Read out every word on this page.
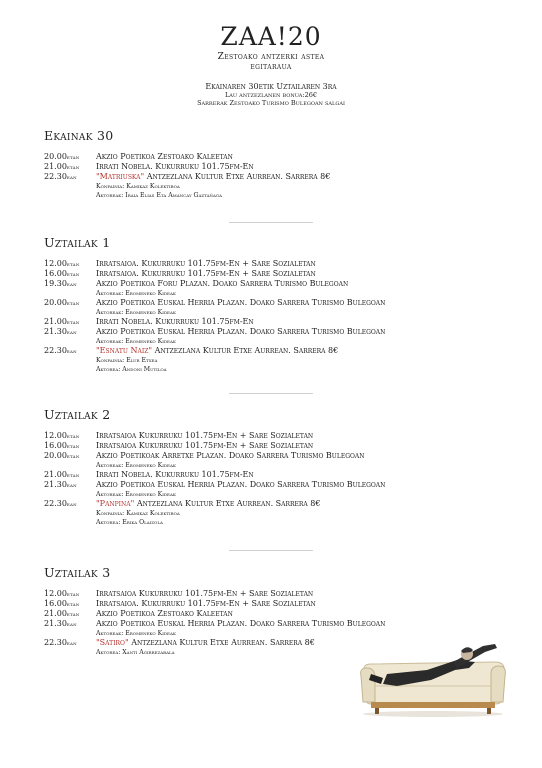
ZAA!20
Zestoako antzerki astea
egitaraua
Ekainaren 30etik Uztailaren 3ra
Lau antzezlanen bonua:26€
Sarrerak Zestoako Turismo Bulegoan salgai
Ekainak 30
20.00etan	Akzio Poetikoa Zestoako Kaleetan
21.00etan	Irrati Nobela. Kukurruku 101.75fm-En
22.30ean	"Matriuska" Antzezlana Kultur Etxe Aurrean. Sarrera 8€
Konpainia: Kamikaz Kolektiboa
Aktoreak: Iraia Elias Eta Amancay Gaztañaga
Uztailak 1
12.00etan	Irratsaioa. Kukurruku 101.75fm-En + Sare Sozialetan
16.00etan	Irratsaioa. Kukurruku 101.75fm-En + Sare Sozialetan
19.30ean	Akzio Poetikoa Foru Plazan. Doako Sarrera Turismo Bulegoan
Aktoreak: Eromeneko Kideak
20.00etan	Akzio Poetikoa Euskal Herria Plazan. Doako Sarrera Turismo Bulegoan
Aktoreak: Eromeneko Kideak
21.00etan	Irrati Nobela. Kukurruku 101.75fm-En
21.30ean	Akzio Poetikoa Euskal Herria Plazan. Doako Sarrera Turismo Bulegoan
Aktoreak: Eromeneko Kideak
22.30ean	"Esnatu Naiz" Antzezlana Kultur Etxe Aurrean. Sarrera 8€
Konpainia: Elur Etxea
Aktorea: Andoni Mutiloa
Uztailak 2
12.00etan	Irratsaioa Kukurruku 101.75fm-En + Sare Sozialetan
16.00etan	Irratsaioa Kukurruku 101.75fm-En + Sare Sozialetan
20.00etan	Akzio Poetikoak Arretxe Plazan. Doako Sarrera Turismo Bulegoan
Aktoreak: Eromeneko Kideak
21.00etan	Irrati Nobela. Kukurruku 101.75fm-En
21.30ean	Akzio Poetikoa Euskal Herria Plazan. Doako Sarrera Turismo Bulegoan
Aktoreak: Eromeneko Kideak
22.30ean	"Panpina" Antzezlana Kultur Etxe Aurrean. Sarrera 8€
Konpainia: Kamikaz Kolektiboa
Aktorea: Erika Olaizola
Uztailak 3
12.00etan	Irratsaioa Kukurruku 101.75fm-En + Sare Sozialetan
16.00etan	Irratsaioa. Kukurruku 101.75fm-En + Sare Sozialetan
21.00etan	Akzio Poetikoa Zestoako Kaleetan
21.30ean	Akzio Poetikoa Euskal Herria Plazan. Doako Sarrera Turismo Bulegoan
Aktoreak: Eromeneko Kideak
22.30ean	"Satiro" Antzezlana Kultur Etxe Aurrean. Sarrera 8€
Aktorea: Xanti Agirrezabala
